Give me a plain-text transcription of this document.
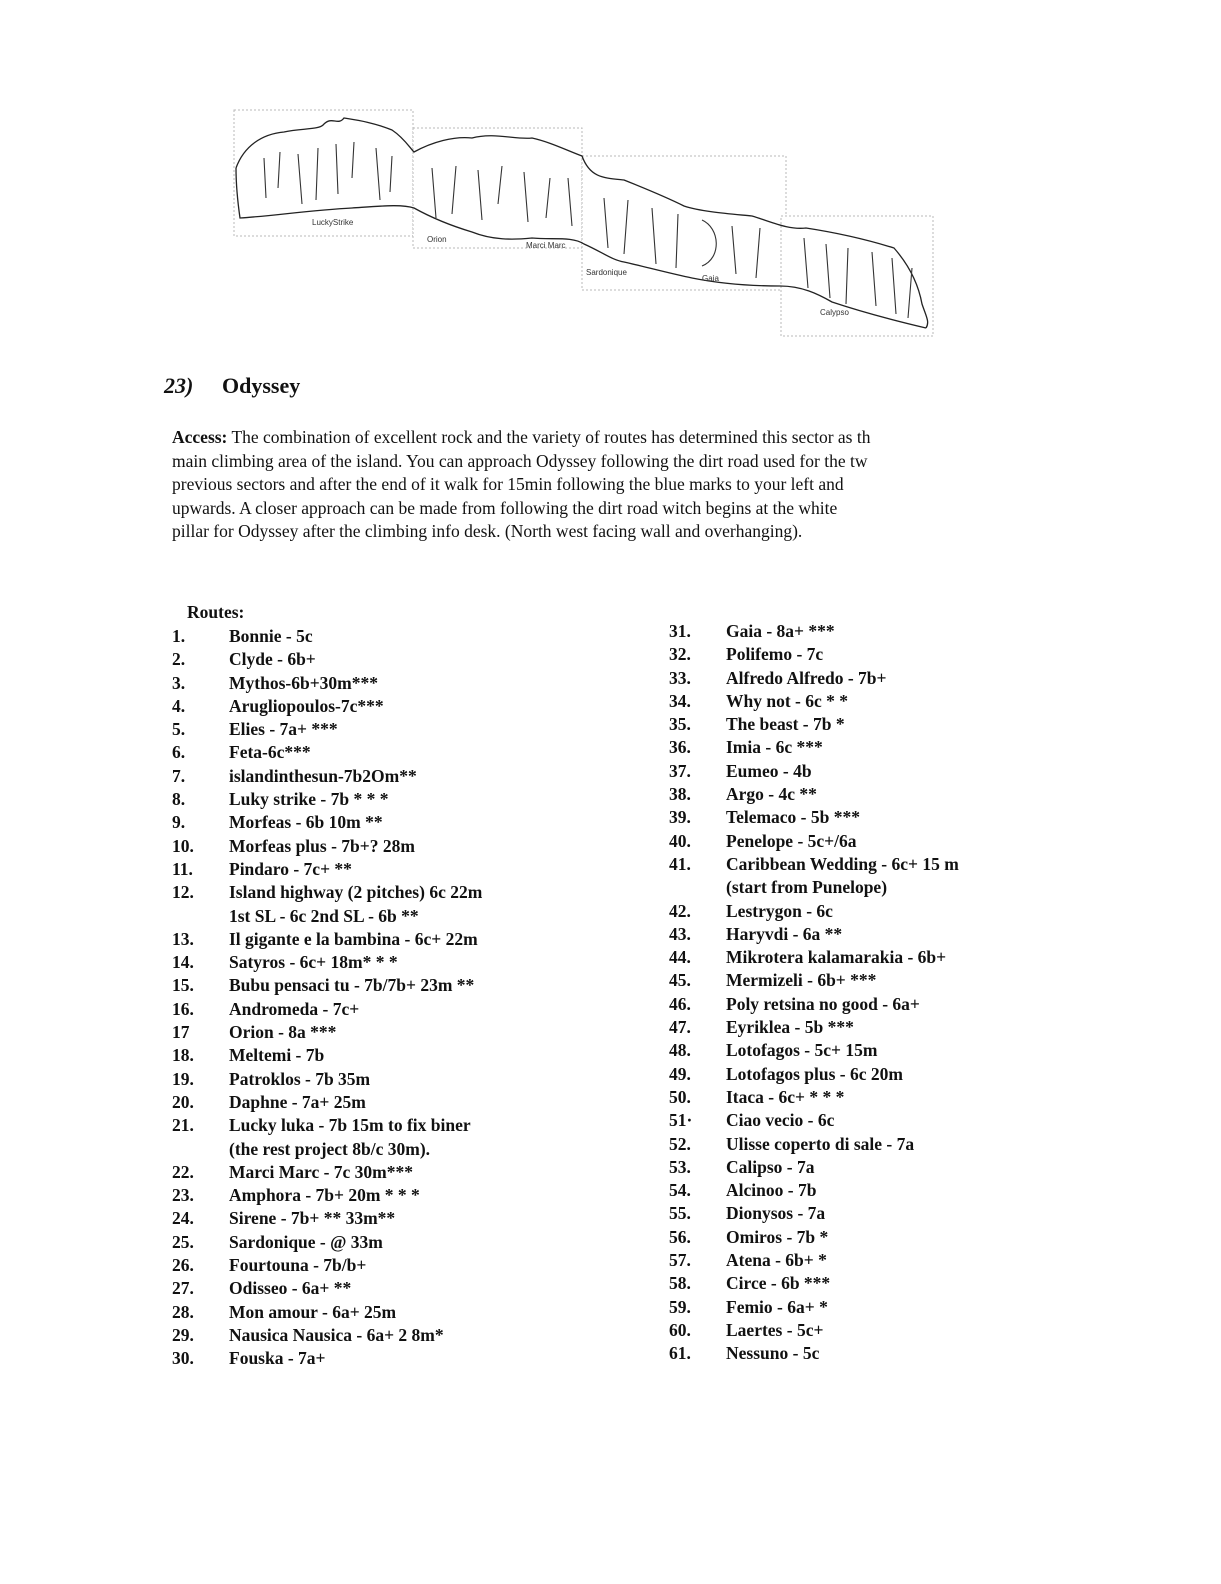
LuckyStrike
Orion
Marci Marc
Sardonique
Gaia
Calypso
23) Odyssey
Access: The combination of excellent rock and the variety of routes has determined this sector as th
main climbing area of the island. You can approach Odyssey following the dirt road used for the tw
previous sectors and after the end of it walk for 15min following the blue marks to your left and
upwards. A closer approach can be made from following the dirt road witch begins at the white
pillar for Odyssey after the climbing info desk. (North west facing wall and overhanging).
Routes:
1.	Bonnie - 5c
2.	Clyde - 6b+
3.	Mythos-6b+30m***
4.	Arugliopoulos-7c***
5.	Elies - 7a+ ***
6.	Feta-6c***
7.	islandinthesun-7b2Om**
8.	Luky strike - 7b * * *
9.	Morfeas - 6b 10m **
10.	Morfeas plus - 7b+? 28m
11.	Pindaro - 7c+ **
12.	Island highway (2 pitches) 6c 22m
1st SL - 6c 2nd SL - 6b **
13.	Il gigante e la bambina - 6c+ 22m
14.	Satyros - 6c+ 18m* * *
15.	Bubu pensaci tu - 7b/7b+ 23m **
16.	Andromeda - 7c+
17	Orion - 8a ***
18.	Meltemi - 7b
19.	Patroklos - 7b 35m
20.	Daphne - 7a+ 25m
21.	Lucky luka - 7b 15m to fix biner
(the rest project 8b/c 30m).
22.	Marci Marc - 7c 30m***
23.	Amphora - 7b+ 20m * * *
24.	Sirene - 7b+ ** 33m**
25.	Sardonique - @ 33m
26.	Fourtouna - 7b/b+
27.	Odisseo - 6a+ **
28.	Mon amour - 6a+ 25m
29.	Nausica Nausica - 6a+ 2 8m*
30.	Fouska - 7a+
31.	Gaia - 8a+ ***
32.	Polifemo - 7c
33.	Alfredo Alfredo - 7b+
34.	Why not - 6c * *
35.	The beast - 7b *
36.	Imia - 6c ***
37.	Eumeo - 4b
38.	Argo - 4c **
39.	Telemaco - 5b ***
40.	Penelope - 5c+/6a
41.	Caribbean Wedding - 6c+ 15 m
(start from Punelope)
42.	Lestrygon - 6c
43.	Haryvdi - 6a **
44.	Mikrotera kalamarakia - 6b+
45.	Mermizeli - 6b+ ***
46.	Poly retsina no good - 6a+
47.	Eyriklea - 5b ***
48.	Lotofagos - 5c+ 15m
49.	Lotofagos plus - 6c 20m
50.	Itaca - 6c+ * * *
51·	Ciao vecio - 6c
52.	Ulisse coperto di sale - 7a
53.	Calipso - 7a
54.	Alcinoo - 7b
55.	Dionysos - 7a
56.	Omiros - 7b *
57.	Atena - 6b+ *
58.	Circe - 6b ***
59.	Femio - 6a+ *
60.	Laertes - 5c+
61.	Nessuno - 5c
